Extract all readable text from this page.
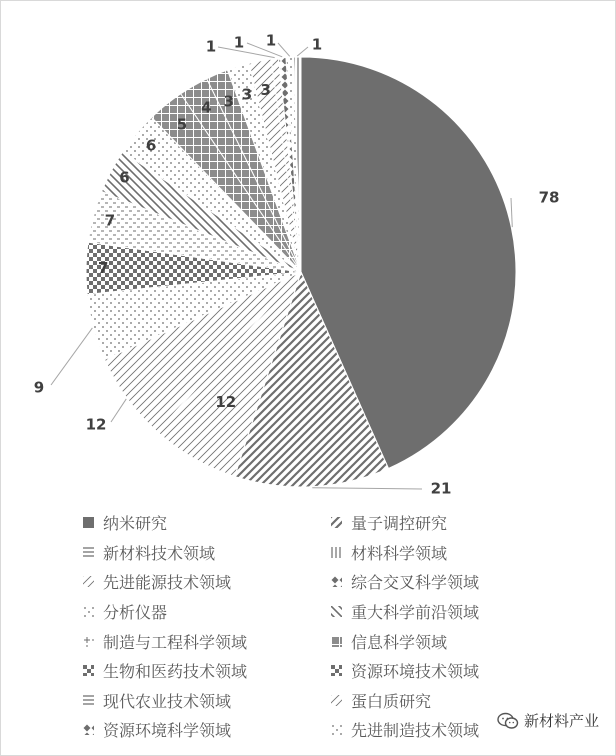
78
21
12
12
9
7
7
6
6
5
4 3 3 3
1 1 1 1
纳米研究	量子调控研究
新材料技术领域	材料科学领域
先进能源技术领域	综合交叉科学领域
分析仪器	重大科学前沿领域
制造与工程科学领域	信息科学领域
生物和医药技术领域	资源环境技术领域
现代农业技术领域	蛋白质研究
资源环境科学领域	先进制造技术领域
新材料产业
